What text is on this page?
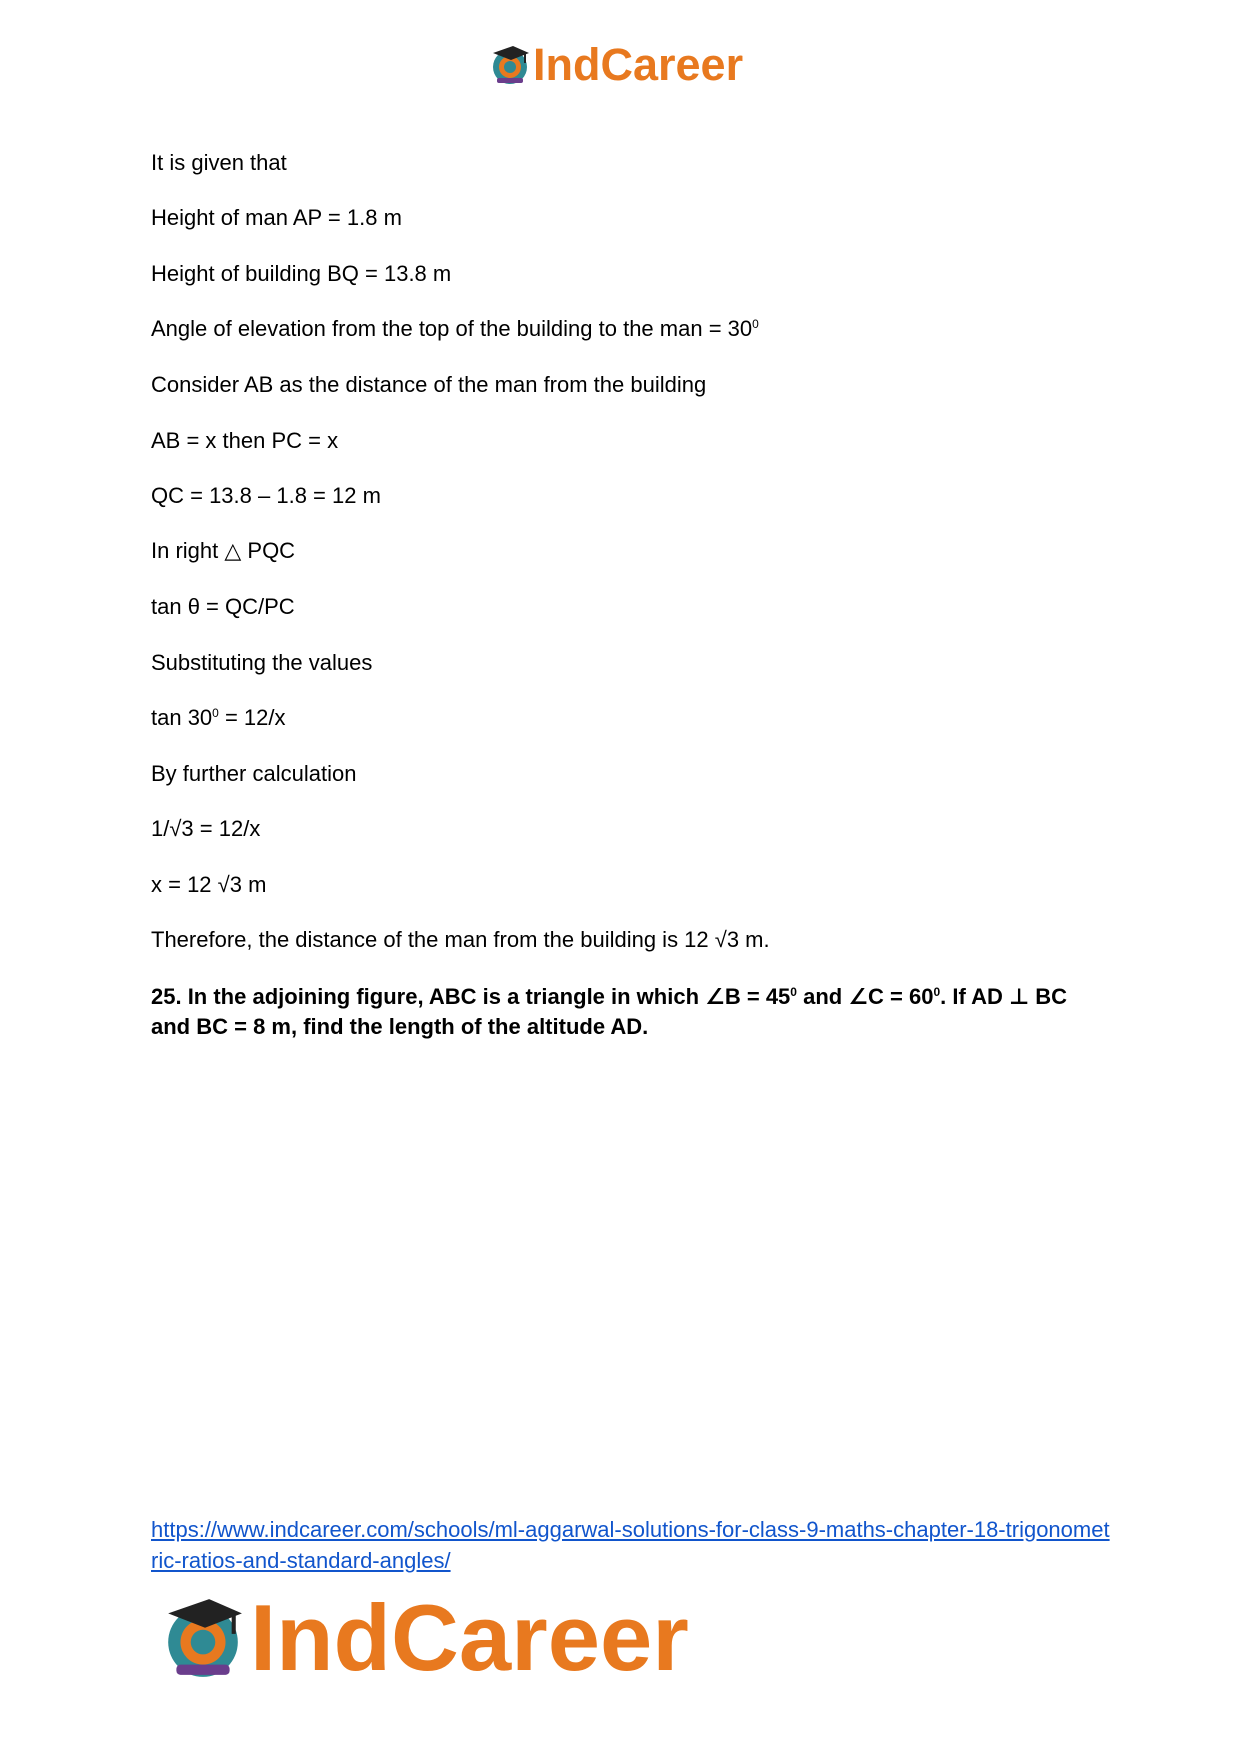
IndCareer
It is given that
Height of man AP = 1.8 m
Height of building BQ = 13.8 m
Angle of elevation from the top of the building to the man = $30^0$
Consider AB as the distance of the man from the building
AB = x then PC = x
QC = 13.8 – 1.8 = 12 m
In right △ PQC
tan θ = QC/PC
Substituting the values
$\tan 30^0 = 12/x$
By further calculation
1/√3 = 12/x
x = 12 √3 m
Therefore, the distance of the man from the building is 12 √3 m.
25. In the adjoining figure, ABC is a triangle in which ∠B = $45^0$ and ∠C = $60^0$. If AD ⊥ BC and BC = 8 m, find the length of the altitude AD.
https://www.indcareer.com/schools/ml-aggarwal-solutions-for-class-9-maths-chapter-18-trigonometric-ratios-and-standard-angles/
IndCareer
